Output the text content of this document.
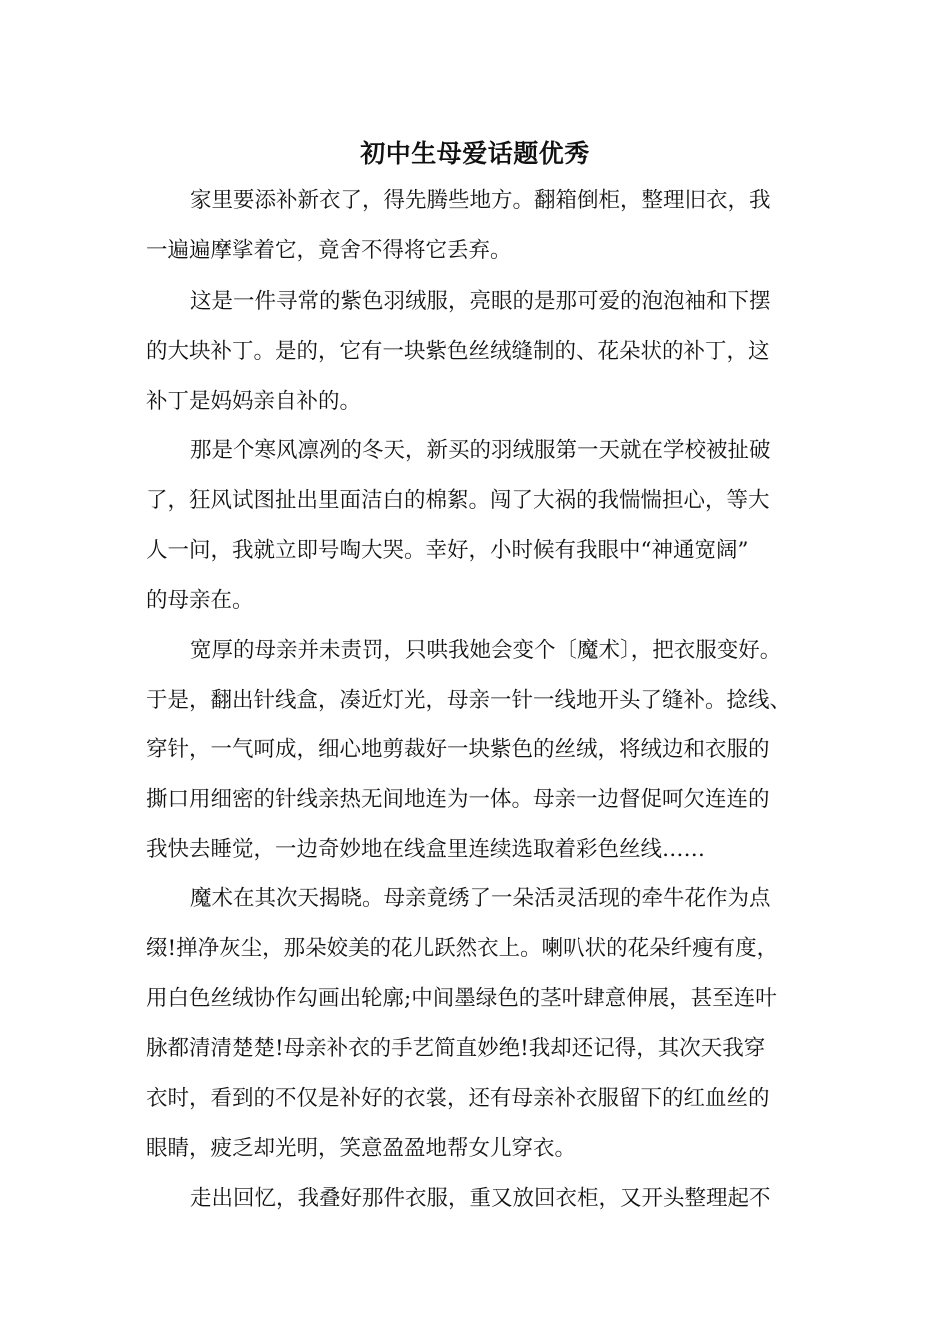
初中生母爱话题优秀

家里要添补新衣了，得先腾些地方。翻箱倒柜，整理旧衣，我

一遍遍摩挲着它，竟舍不得将它丢弃。

这是一件寻常的紫色羽绒服，亮眼的是那可爱的泡泡袖和下摆

的大块补丁。是的，它有一块紫色丝绒缝制的、花朵状的补丁，这

补丁是妈妈亲自补的。

那是个寒风凛冽的冬天，新买的羽绒服第一天就在学校被扯破

了，狂风试图扯出里面洁白的棉絮。闯了大祸的我惴惴担心，等大

人一问，我就立即号啕大哭。幸好，小时候有我眼中“神通宽阔”

的母亲在。

宽厚的母亲并未责罚，只哄我她会变个〔魔术〕，把衣服变好。

于是，翻出针线盒，凑近灯光，母亲一针一线地开头了缝补。捻线、

穿针，一气呵成，细心地剪裁好一块紫色的丝绒，将绒边和衣服的

撕口用细密的针线亲热无间地连为一体。母亲一边督促呵欠连连的

我快去睡觉，一边奇妙地在线盒里连续选取着彩色丝线……

魔术在其次天揭晓。母亲竟绣了一朵活灵活现的牵牛花作为点

缀!掸净灰尘，那朵姣美的花儿跃然衣上。喇叭状的花朵纤瘦有度，

用白色丝绒协作勾画出轮廓;中间墨绿色的茎叶肆意伸展，甚至连叶

脉都清清楚楚!母亲补衣的手艺简直妙绝!我却还记得，其次天我穿

衣时，看到的不仅是补好的衣裳，还有母亲补衣服留下的红血丝的

眼睛，疲乏却光明，笑意盈盈地帮女儿穿衣。

走出回忆，我叠好那件衣服，重又放回衣柜，又开头整理起不
